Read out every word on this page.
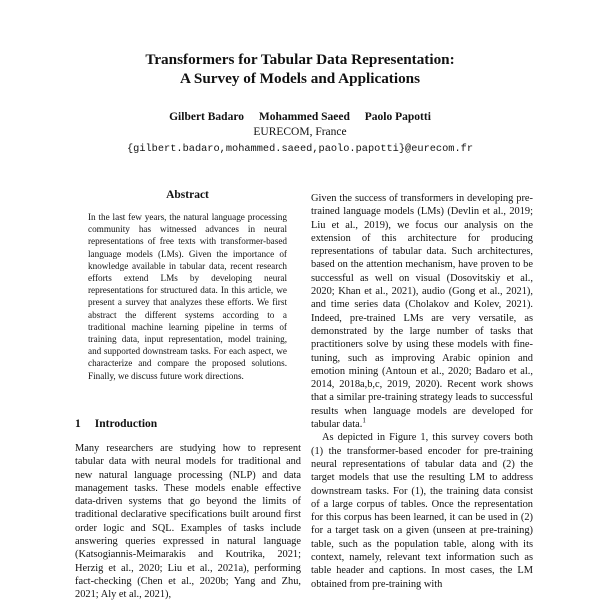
Transformers for Tabular Data Representation:
A Survey of Models and Applications
Gilbert Badaro Mohammed Saeed Paolo Papotti
EURECOM, France
{gilbert.badaro,mohammed.saeed,paolo.papotti}@eurecom.fr
Abstract
In the last few years, the natural language processing community has witnessed advances in neural representations of free texts with transformer-based language models (LMs). Given the importance of knowledge available in tabular data, recent research efforts extend LMs by developing neural representations for structured data. In this article, we present a survey that analyzes these efforts. We first abstract the different systems according to a traditional machine learning pipeline in terms of training data, input representation, model training, and supported downstream tasks. For each aspect, we characterize and compare the proposed solutions. Finally, we discuss future work directions.
1 Introduction
Many researchers are studying how to represent tabular data with neural models for traditional and new natural language processing (NLP) and data management tasks. These models enable effective data-driven systems that go beyond the limits of traditional declarative specifications built around first order logic and SQL. Examples of tasks include answering queries expressed in natural language (Katsogiannis-Meimarakis and Koutrika, 2021; Herzig et al., 2020; Liu et al., 2021a), performing fact-checking (Chen et al., 2020b; Yang and Zhu, 2021; Aly et al., 2021),

Given the success of transformers in developing pre-trained language models (LMs) (Devlin et al., 2019; Liu et al., 2019), we focus our analysis on the extension of this architecture for producing representations of tabular data. Such architectures, based on the attention mechanism, have proven to be successful as well on visual (Dosovitskiy et al., 2020; Khan et al., 2021), audio (Gong et al., 2021), and time series data (Cholakov and Kolev, 2021). Indeed, pre-trained LMs are very versatile, as demonstrated by the large number of tasks that practitioners solve by using these models with fine-tuning, such as improving Arabic opinion and emotion mining (Antoun et al., 2020; Badaro et al., 2014, 2018a,b,c, 2019, 2020). Recent work shows that a similar pre-training strategy leads to successful results when language models are developed for tabular data.$^1$

As depicted in Figure 1, this survey covers both (1) the transformer-based encoder for pre-training neural representations of tabular data and (2) the target models that use the resulting LM to address downstream tasks. For (1), the training data consist of a large corpus of tables. Once the representation for this corpus has been learned, it can be used in (2) for a target task on a given (unseen at pre-training) table, such as the population table, along with its context, namely, relevant text information such as table header and captions. In most cases, the LM obtained from pre-training with
